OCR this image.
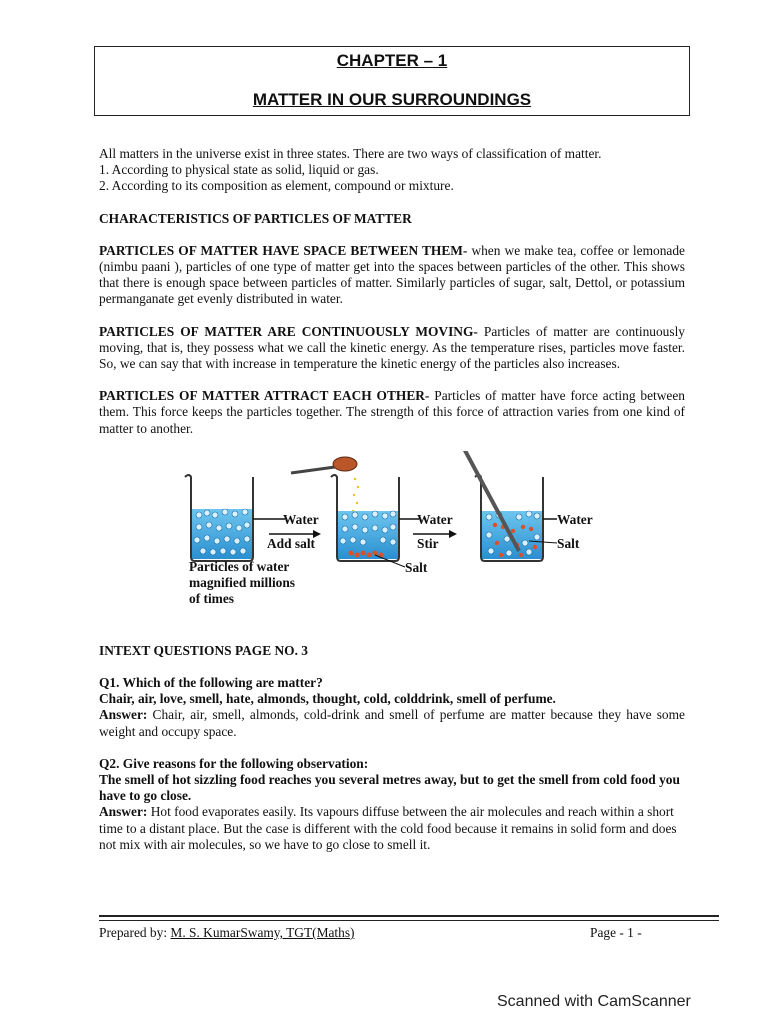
CHAPTER – 1
MATTER IN OUR SURROUNDINGS

All matters in the universe exist in three states. There are two ways of classification of matter.

1. According to physical state as solid, liquid or gas.

2. According to its composition as element, compound or mixture.

CHARACTERISTICS OF PARTICLES OF MATTER

PARTICLES OF MATTER HAVE SPACE BETWEEN THEM- when we make tea, coffee or lemonade (nimbu paani ), particles of one type of matter get into the spaces between particles of the other. This shows that there is enough space between particles of matter. Similarly particles of sugar, salt, Dettol, or potassium permanganate get evenly distributed in water.

PARTICLES OF MATTER ARE CONTINUOUSLY MOVING- Particles of matter are continuously moving, that is, they possess what we call the kinetic energy. As the temperature rises, particles move faster. So, we can say that with increase in temperature the kinetic energy of the particles also increases.

PARTICLES OF MATTER ATTRACT EACH OTHER- Particles of matter have force acting between them. This force keeps the particles together. The strength of this force of attraction varies from one kind of matter to another.

Water
Add salt
Water
Stir
Salt
Water
Salt
Particles of water
magnified millions
of times

INTEXT QUESTIONS PAGE NO. 3

Q1. Which of the following are matter?

Chair, air, love, smell, hate, almonds, thought, cold, colddrink, smell of perfume.

Answer: Chair, air, smell, almonds, cold-drink and smell of perfume are matter because they have some weight and occupy space.

Q2. Give reasons for the following observation:

The smell of hot sizzling food reaches you several metres away, but to get the smell from cold food you have to go close.

Answer: Hot food evaporates easily. Its vapours diffuse between the air molecules and reach within a short time to a distant place. But the case is different with the cold food because it remains in solid form and does not mix with air molecules, so we have to go close to smell it.

Prepared by: M. S. KumarSwamy, TGT(Maths)	Page - 1 -
Scanned with CamScanner
